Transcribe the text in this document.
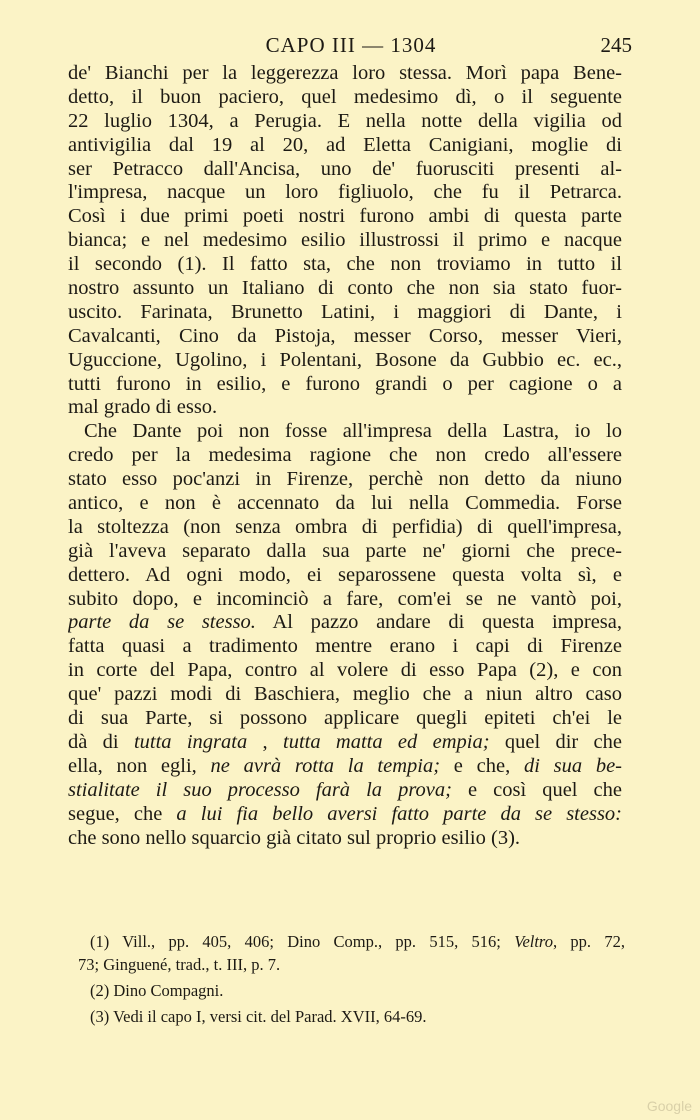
CAPO III — 1304	245
de' Bianchi per la leggerezza loro stessa. Morì papa Bene-
detto, il buon paciero, quel medesimo dì, o il seguente
22 luglio 1304, a Perugia. E nella notte della vigilia od
antivigilia dal 19 al 20, ad Eletta Canigiani, moglie di
ser Petracco dall'Ancisa, uno de' fuorusciti presenti al-
l'impresa, nacque un loro figliuolo, che fu il Petrarca.
Così i due primi poeti nostri furono ambi di questa parte
bianca; e nel medesimo esilio illustrossi il primo e nacque
il secondo (1). Il fatto sta, che non troviamo in tutto il
nostro assunto un Italiano di conto che non sia stato fuor-
uscito. Farinata, Brunetto Latini, i maggiori di Dante, i
Cavalcanti, Cino da Pistoja, messer Corso, messer Vieri,
Uguccione, Ugolino, i Polentani, Bosone da Gubbio ec. ec.,
tutti furono in esilio, e furono grandi o per cagione o a
mal grado di esso.
Che Dante poi non fosse all'impresa della Lastra, io lo
credo per la medesima ragione che non credo all'essere
stato esso poc'anzi in Firenze, perchè non detto da niuno
antico, e non è accennato da lui nella Commedia. Forse
la stoltezza (non senza ombra di perfidia) di quell'impresa,
già l'aveva separato dalla sua parte ne' giorni che prece-
dettero. Ad ogni modo, ei separossene questa volta sì, e
subito dopo, e incominciò a fare, com'ei se ne vantò poi,
parte da se stesso. Al pazzo andare di questa impresa,
fatta quasi a tradimento mentre erano i capi di Firenze
in corte del Papa, contro al volere di esso Papa (2), e con
que' pazzi modi di Baschiera, meglio che a niun altro caso
di sua Parte, si possono applicare quegli epiteti ch'ei le
dà di tutta ingrata , tutta matta ed empia; quel dir che
ella, non egli, ne avrà rotta la tempia; e che, di sua be-
stialitate il suo processo farà la prova; e così quel che
segue, che a lui fia bello aversi fatto parte da se stesso:
che sono nello squarcio già citato sul proprio esilio (3).
(1) Vill., pp. 405, 406; Dino Comp., pp. 515, 516; Veltro, pp. 72,
73; Ginguené, trad., t. III, p. 7.
(2) Dino Compagni.
(3) Vedi il capo I, versi cit. del Parad. XVII, 64-69.
Google
